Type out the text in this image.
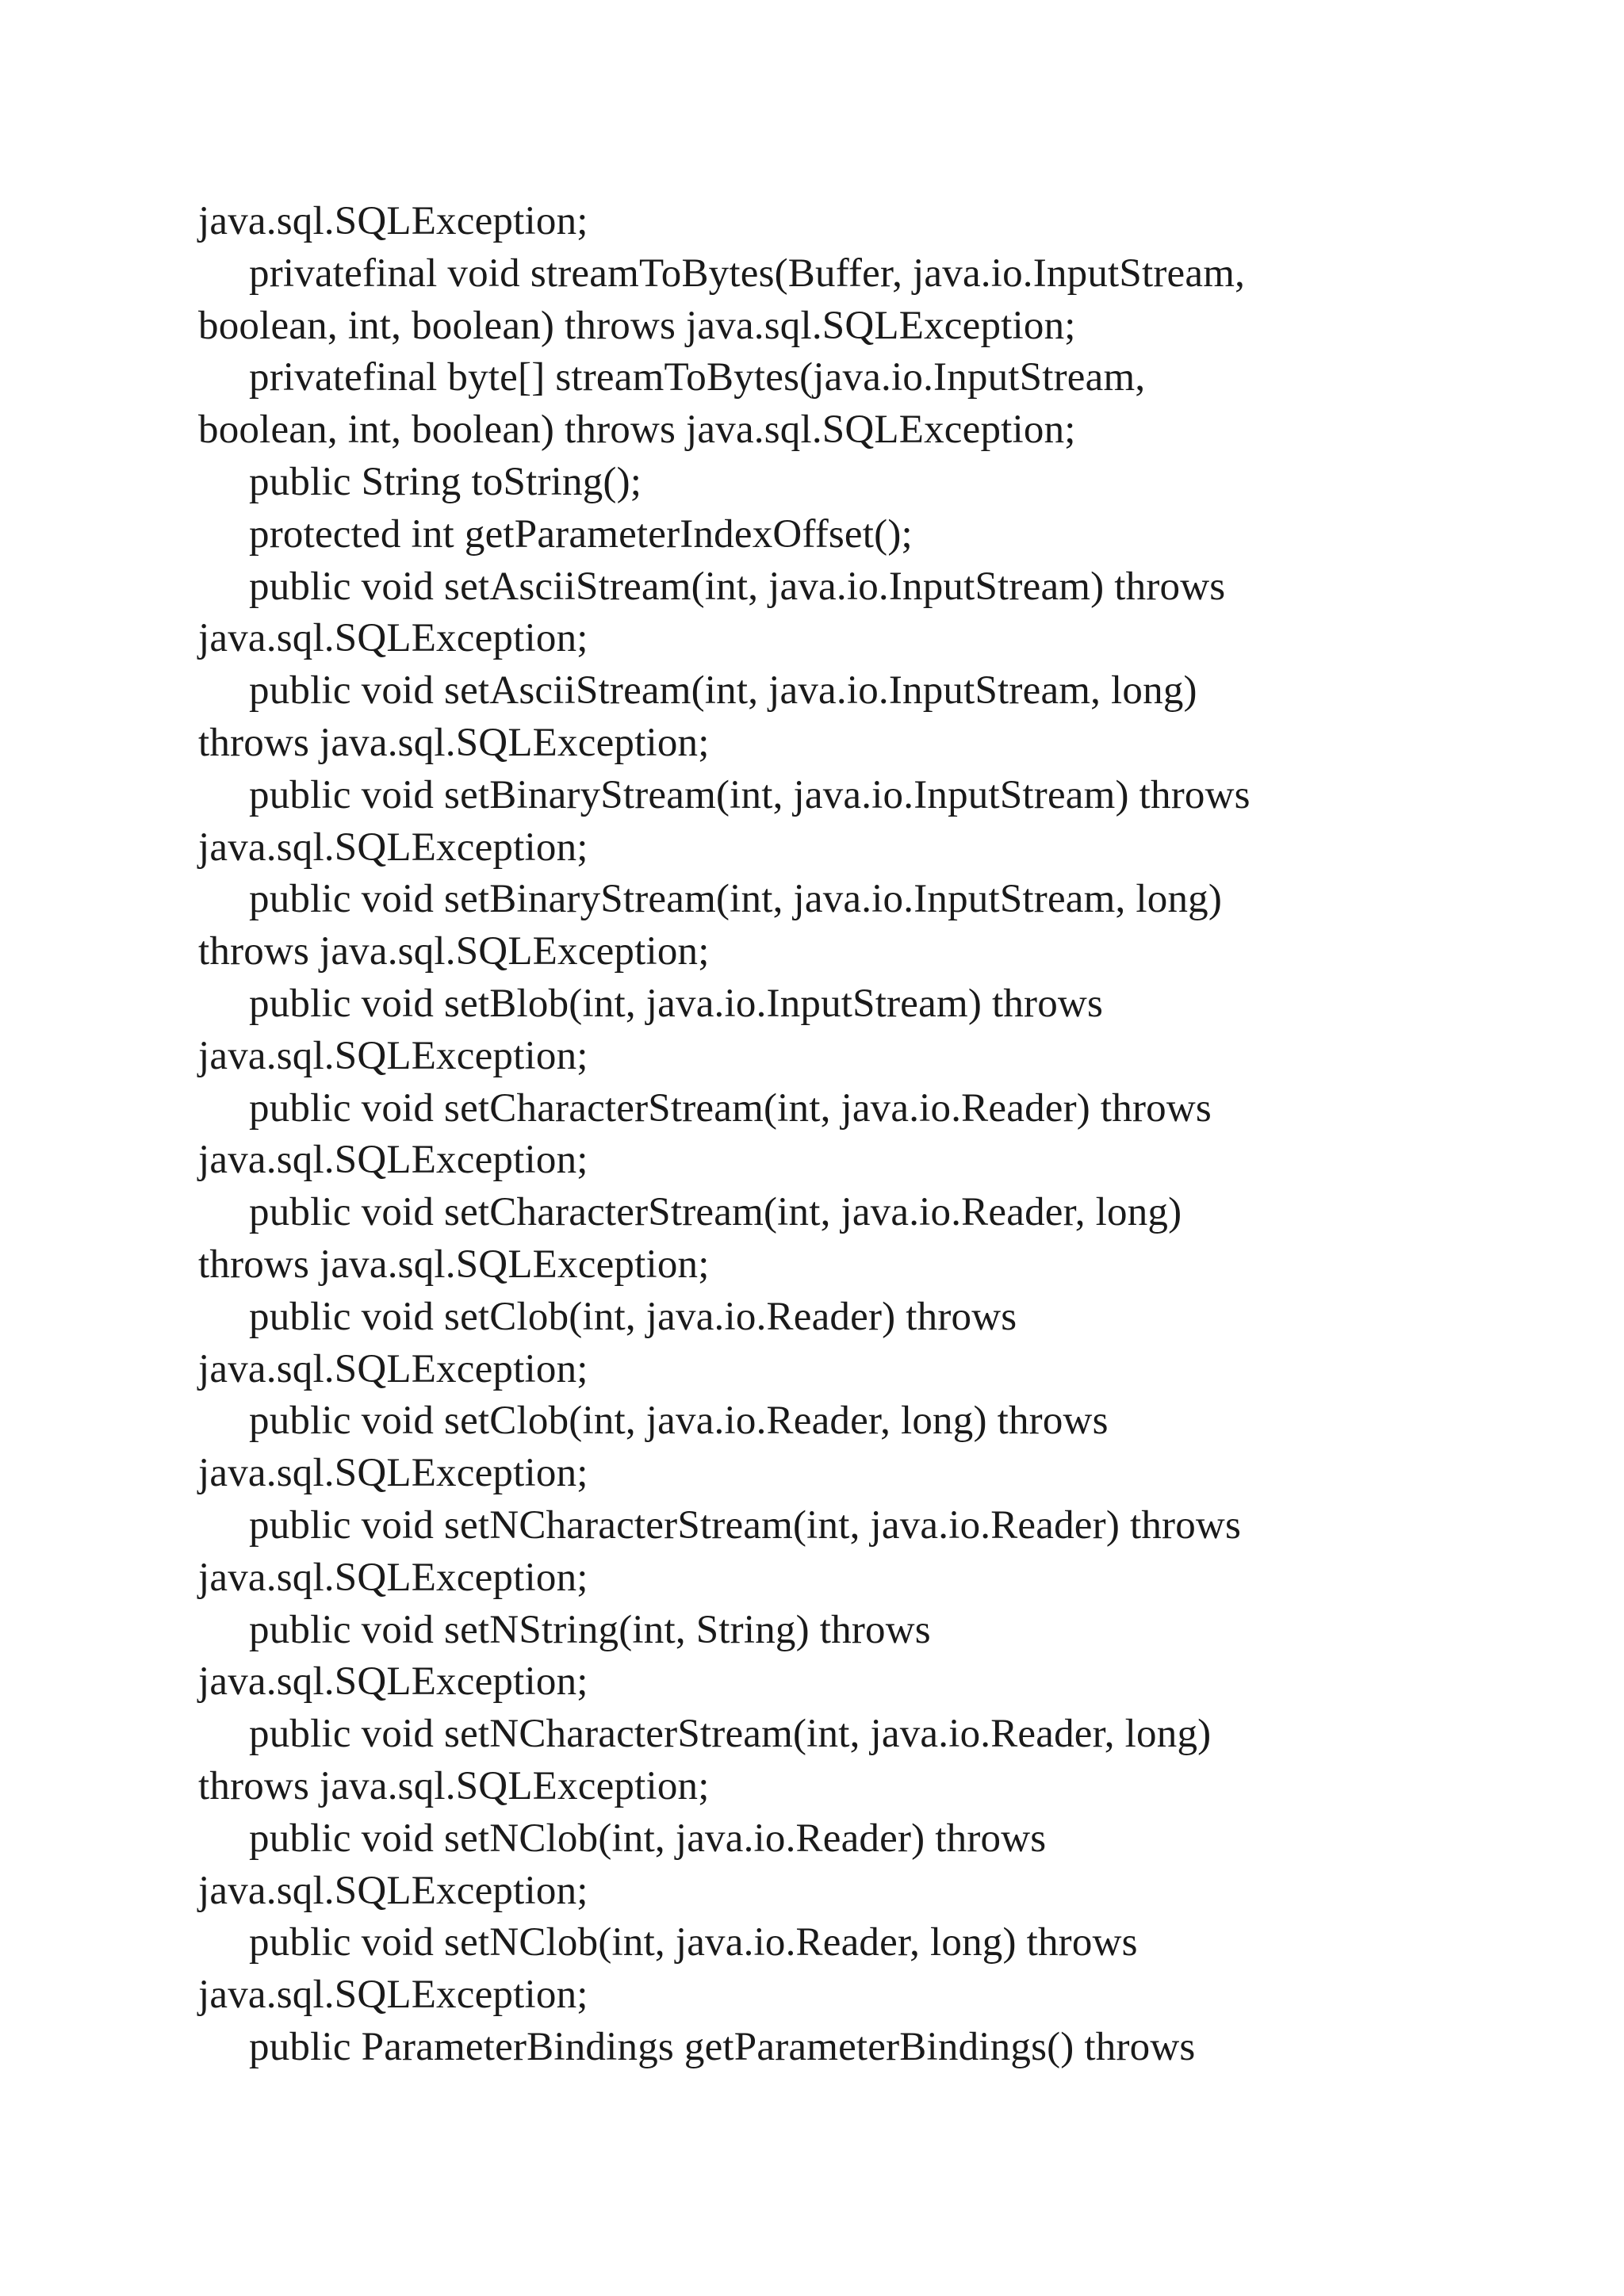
java.sql.SQLException;
privatefinal void streamToBytes(Buffer, java.io.InputStream,
boolean, int, boolean) throws java.sql.SQLException;
privatefinal byte[] streamToBytes(java.io.InputStream,
boolean, int, boolean) throws java.sql.SQLException;
public String toString();
protected int getParameterIndexOffset();
public void setAsciiStream(int, java.io.InputStream) throws
java.sql.SQLException;
public void setAsciiStream(int, java.io.InputStream, long)
throws java.sql.SQLException;
public void setBinaryStream(int, java.io.InputStream) throws
java.sql.SQLException;
public void setBinaryStream(int, java.io.InputStream, long)
throws java.sql.SQLException;
public void setBlob(int, java.io.InputStream) throws
java.sql.SQLException;
public void setCharacterStream(int, java.io.Reader) throws
java.sql.SQLException;
public void setCharacterStream(int, java.io.Reader, long)
throws java.sql.SQLException;
public void setClob(int, java.io.Reader) throws
java.sql.SQLException;
public void setClob(int, java.io.Reader, long) throws
java.sql.SQLException;
public void setNCharacterStream(int, java.io.Reader) throws
java.sql.SQLException;
public void setNString(int, String) throws
java.sql.SQLException;
public void setNCharacterStream(int, java.io.Reader, long)
throws java.sql.SQLException;
public void setNClob(int, java.io.Reader) throws
java.sql.SQLException;
public void setNClob(int, java.io.Reader, long) throws
java.sql.SQLException;
public ParameterBindings getParameterBindings() throws
